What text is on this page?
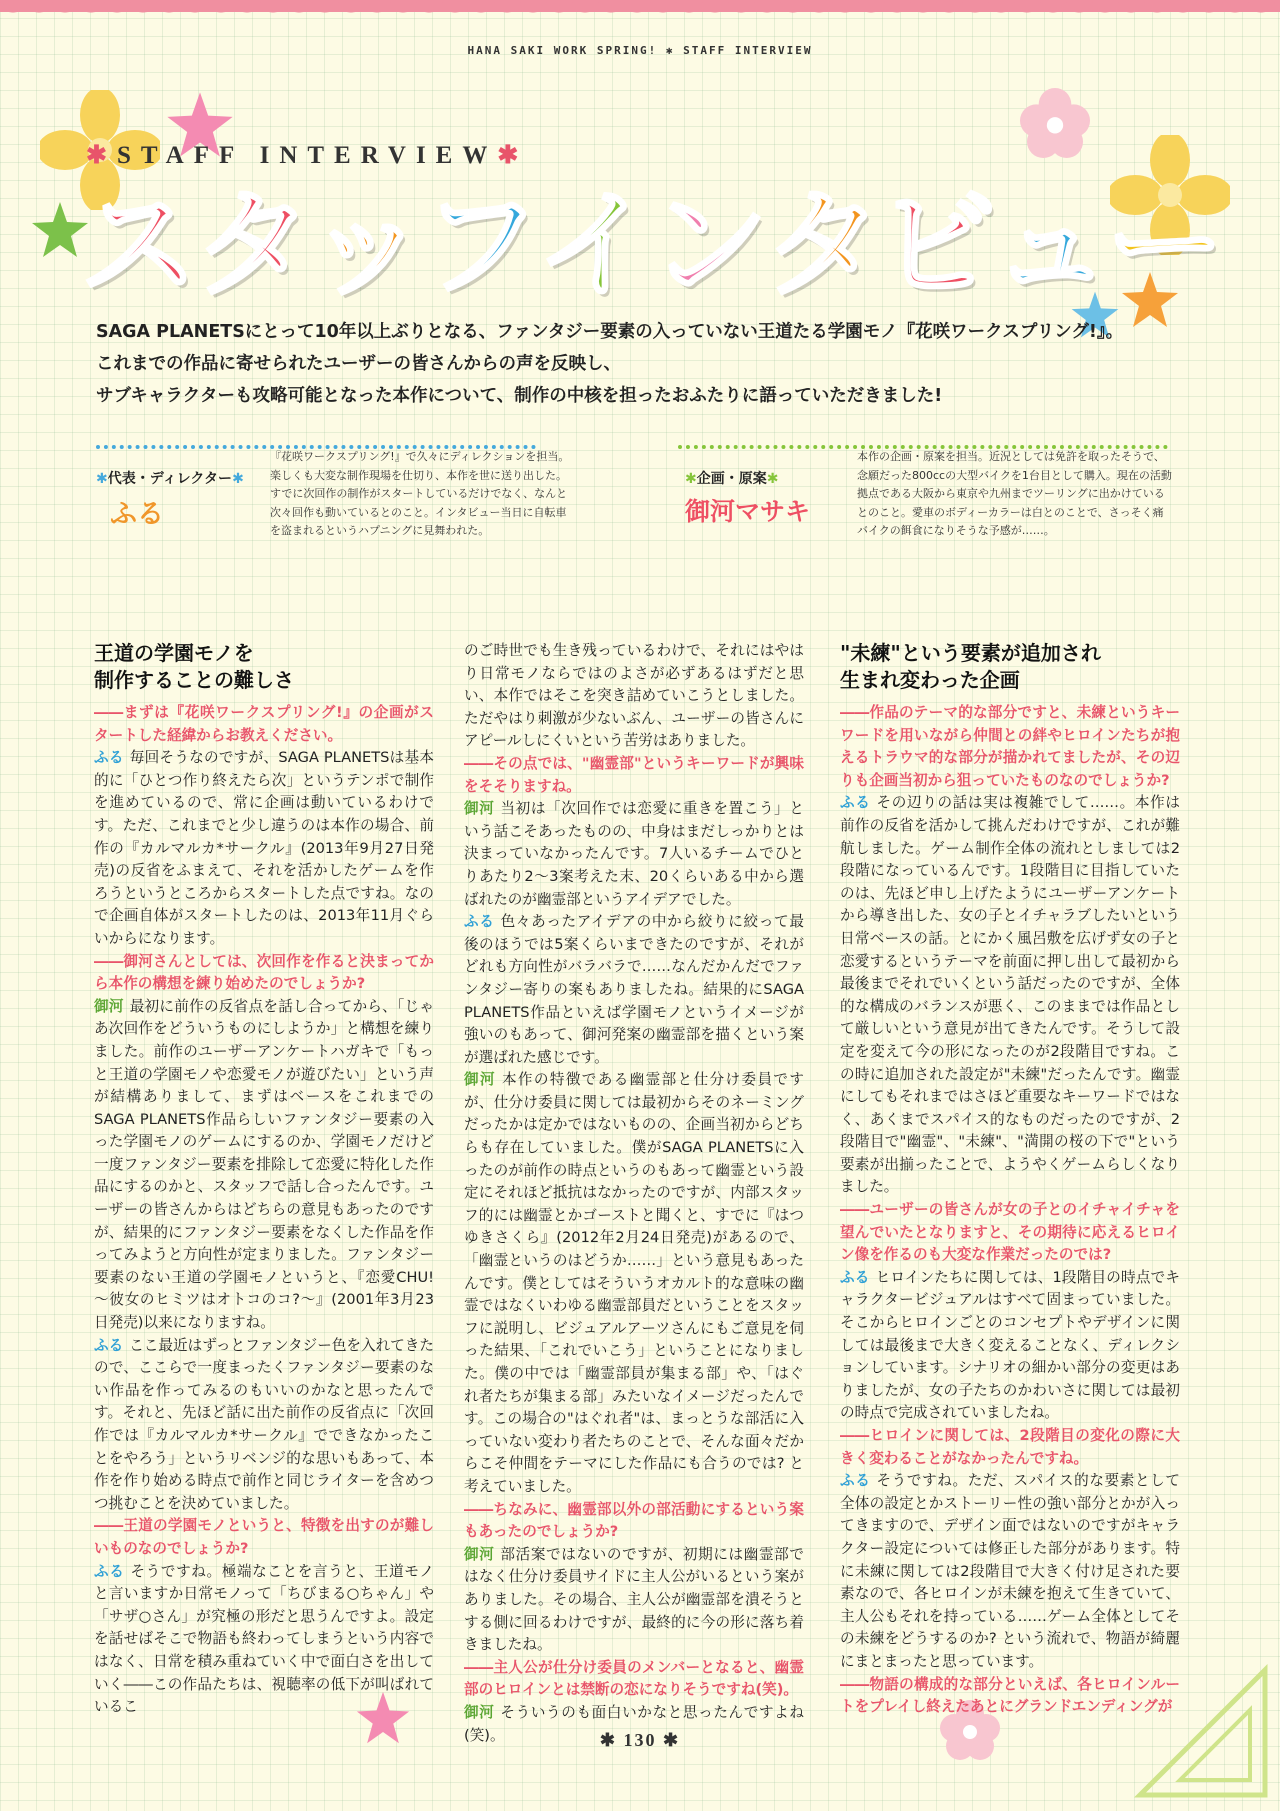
HANA SAKI WORK SPRING! ✱ STAFF INTERVIEW
✱STAFF INTERVIEW✱
ス タ ッ フ イ ン タ ビ ュ ー
SAGA PLANETSにとって10年以上ぶりとなる、ファンタジー要素の入っていない王道たる学園モノ『花咲ワークスプリング!』。
これまでの作品に寄せられたユーザーの皆さんからの声を反映し、
サブキャラクターも攻略可能となった本作について、制作の中核を担ったおふたりに語っていただきました!
✱代表・ディレクター✱
ふる
『花咲ワークスプリング!』で久々にディレクションを担当。楽しくも大変な制作現場を仕切り、本作を世に送り出した。すでに次回作の制作がスタートしているだけでなく、なんと次々回作も動いているとのこと。インタビュー当日に自転車を盗まれるというハプニングに見舞われた。
✱企画・原案✱
御河マサキ
本作の企画・原案を担当。近況としては免許を取ったそうで、念願だった800ccの大型バイクを1台目として購入。現在の活動拠点である大阪から東京や九州までツーリングに出かけているとのこと。愛車のボディーカラーは白とのことで、さっそく痛バイクの餌食になりそうな予感が……。
王道の学園モノを
制作することの難しさ

――まずは『花咲ワークスプリング!』の企画がスタートした経緯からお教えください。

ふる 毎回そうなのですが、SAGA PLANETSは基本的に「ひとつ作り終えたら次」というテンポで制作を進めているので、常に企画は動いているわけです。ただ、これまでと少し違うのは本作の場合、前作の『カルマルカ*サークル』(2013年9月27日発売)の反省をふまえて、それを活かしたゲームを作ろうというところからスタートした点ですね。なので企画自体がスタートしたのは、2013年11月ぐらいからになります。

――御河さんとしては、次回作を作ると決まってから本作の構想を練り始めたのでしょうか?

御河 最初に前作の反省点を話し合ってから、「じゃあ次回作をどういうものにしようか」と構想を練りました。前作のユーザーアンケートハガキで「もっと王道の学園モノや恋愛モノが遊びたい」という声が結構ありまして、まずはベースをこれまでのSAGA PLANETS作品らしいファンタジー要素の入った学園モノのゲームにするのか、学園モノだけど一度ファンタジー要素を排除して恋愛に特化した作品にするのかと、スタッフで話し合ったんです。ユーザーの皆さんからはどちらの意見もあったのですが、結果的にファンタジー要素をなくした作品を作ってみようと方向性が定まりました。ファンタジー要素のない王道の学園モノというと、『恋愛CHU! ～彼女のヒミツはオトコのコ?～』(2001年3月23日発売)以来になりますね。

ふる ここ最近はずっとファンタジー色を入れてきたので、ここらで一度まったくファンタジー要素のない作品を作ってみるのもいいのかなと思ったんです。それと、先ほど話に出た前作の反省点に「次回作では『カルマルカ*サークル』でできなかったことをやろう」というリベンジ的な思いもあって、本作を作り始める時点で前作と同じライターを含めつつ挑むことを決めていました。

――王道の学園モノというと、特徴を出すのが難しいものなのでしょうか?

ふる そうですね。極端なことを言うと、王道モノと言いますか日常モノって「ちびまる○ちゃん」や「サザ○さん」が究極の形だと思うんですよ。設定を話せばそこで物語も終わってしまうという内容ではなく、日常を積み重ねていく中で面白さを出していく――この作品たちは、視聴率の低下が叫ばれているこ

のご時世でも生き残っているわけで、それにはやはり日常モノならではのよさが必ずあるはずだと思い、本作ではそこを突き詰めていこうとしました。ただやはり刺激が少ないぶん、ユーザーの皆さんにアピールしにくいという苦労はありました。

――その点では、"幽霊部"というキーワードが興味をそそりますね。

御河 当初は「次回作では恋愛に重きを置こう」という話こそあったものの、中身はまだしっかりとは決まっていなかったんです。7人いるチームでひとりあたり2～3案考えた末、20くらいある中から選ばれたのが幽霊部というアイデアでした。

ふる 色々あったアイデアの中から絞りに絞って最後のほうでは5案くらいまできたのですが、それがどれも方向性がバラバラで……なんだかんだでファンタジー寄りの案もありましたね。結果的にSAGA PLANETS作品といえば学園モノというイメージが強いのもあって、御河発案の幽霊部を描くという案が選ばれた感じです。

御河 本作の特徴である幽霊部と仕分け委員ですが、仕分け委員に関しては最初からそのネーミングだったかは定かではないものの、企画当初からどちらも存在していました。僕がSAGA PLANETSに入ったのが前作の時点というのもあって幽霊という設定にそれほど抵抗はなかったのですが、内部スタッフ的には幽霊とかゴーストと聞くと、すでに『はつゆきさくら』(2012年2月24日発売)があるので、「幽霊というのはどうか……」という意見もあったんです。僕としてはそういうオカルト的な意味の幽霊ではなくいわゆる幽霊部員だということをスタッフに説明し、ビジュアルアーツさんにもご意見を伺った結果、「これでいこう」ということになりました。僕の中では「幽霊部員が集まる部」や、「はぐれ者たちが集まる部」みたいなイメージだったんです。この場合の"はぐれ者"は、まっとうな部活に入っていない変わり者たちのことで、そんな面々だからこそ仲間をテーマにした作品にも合うのでは? と考えていました。

――ちなみに、幽霊部以外の部活動にするという案もあったのでしょうか?

御河 部活案ではないのですが、初期には幽霊部ではなく仕分け委員サイドに主人公がいるという案がありました。その場合、主人公が幽霊部を潰そうとする側に回るわけですが、最終的に今の形に落ち着きましたね。

――主人公が仕分け委員のメンバーとなると、幽霊部のヒロインとは禁断の恋になりそうですね(笑)。

御河 そういうのも面白いかなと思ったんですよね(笑)。

"未練"という要素が追加され
生まれ変わった企画

――作品のテーマ的な部分ですと、未練というキーワードを用いながら仲間との絆やヒロインたちが抱えるトラウマ的な部分が描かれてましたが、その辺りも企画当初から狙っていたものなのでしょうか?

ふる その辺りの話は実は複雑でして……。本作は前作の反省を活かして挑んだわけですが、これが難航しました。ゲーム制作全体の流れとしましては2段階になっているんです。1段階目に目指していたのは、先ほど申し上げたようにユーザーアンケートから導き出した、女の子とイチャラブしたいという日常ベースの話。とにかく風呂敷を広げず女の子と恋愛するというテーマを前面に押し出して最初から最後までそれでいくという話だったのですが、全体的な構成のバランスが悪く、このままでは作品として厳しいという意見が出てきたんです。そうして設定を変えて今の形になったのが2段階目ですね。この時に追加された設定が"未練"だったんです。幽霊にしてもそれまではさほど重要なキーワードではなく、あくまでスパイス的なものだったのですが、2段階目で"幽霊"、"未練"、"満開の桜の下で"という要素が出揃ったことで、ようやくゲームらしくなりました。

――ユーザーの皆さんが女の子とのイチャイチャを望んでいたとなりますと、その期待に応えるヒロイン像を作るのも大変な作業だったのでは?

ふる ヒロインたちに関しては、1段階目の時点でキャラクタービジュアルはすべて固まっていました。そこからヒロインごとのコンセプトやデザインに関しては最後まで大きく変えることなく、ディレクションしています。シナリオの細かい部分の変更はありましたが、女の子たちのかわいさに関しては最初の時点で完成されていましたね。

――ヒロインに関しては、2段階目の変化の際に大きく変わることがなかったんですね。

ふる そうですね。ただ、スパイス的な要素として全体の設定とかストーリー性の強い部分とかが入ってきますので、デザイン面ではないのですがキャラクター設定については修正した部分があります。特に未練に関しては2段階目で大きく付け足された要素なので、各ヒロインが未練を抱えて生きていて、主人公もそれを持っている……ゲーム全体としてその未練をどうするのか? という流れで、物語が綺麗にまとまったと思っています。

――物語の構成的な部分といえば、各ヒロインルートをプレイし終えたあとにグランドエンディングが

✱ 130 ✱
